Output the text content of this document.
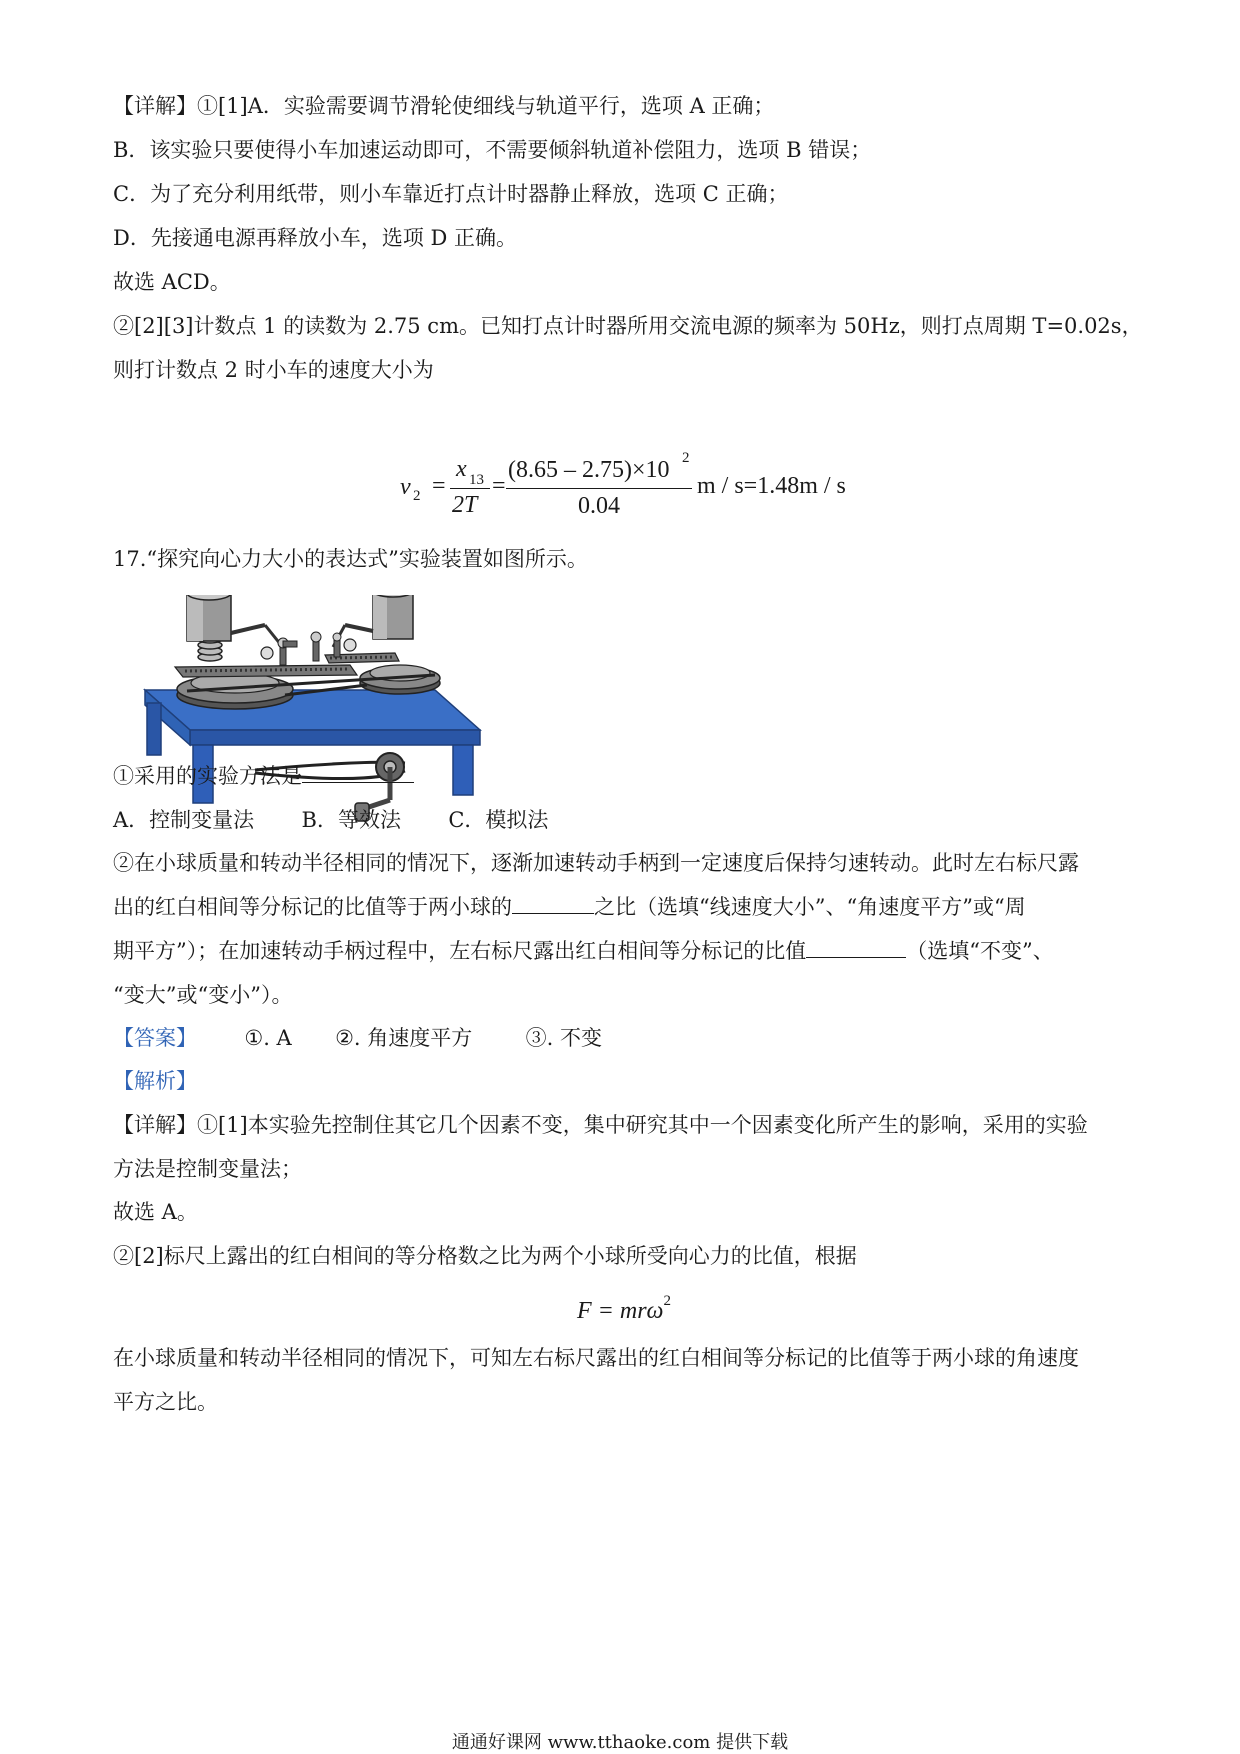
【详解】①[1]A．实验需要调节滑轮使细线与轨道平行，选项 A 正确；
B．该实验只要使得小车加速运动即可，不需要倾斜轨道补偿阻力，选项 B 错误；
C．为了充分利用纸带，则小车靠近打点计时器静止释放，选项 C 正确；
D．先接通电源再释放小车，选项 D 正确。
故选 ACD。
②[2][3]计数点 1 的读数为 2.75 cm。已知打点计时器所用交流电源的频率为 50Hz，则打点周期 T=0.02s，
则打计数点 2 时小车的速度大小为
v 2 =
x 13
2T
=
(8.65 – 2.75)×10 2
0.04
m / s=1.48m / s
17.“探究向心力大小的表达式”实验装置如图所示。
①采用的实验方法是
A．控制变量法 B．等效法 C．模拟法
②在小球质量和转动半径相同的情况下，逐渐加速转动手柄到一定速度后保持匀速转动。此时左右标尺露
出的红白相间等分标记的比值等于两小球的	之比（选填“线速度大小”、“角速度平方”或“周
期平方”）；在加速转动手柄过程中，左右标尺露出红白相间等分标记的比值	（选填“不变”、
“变大”或“变小”）。
【答案】 ①. A ②. 角速度平方	③. 不变
【解析】
【详解】①[1]本实验先控制住其它几个因素不变，集中研究其中一个因素变化所产生的影响，采用的实验
方法是控制变量法；
故选 A。
②[2]标尺上露出的红白相间的等分格数之比为两个小球所受向心力的比值，根据
F = mrω$^2$
在小球质量和转动半径相同的情况下，可知左右标尺露出的红白相间等分标记的比值等于两小球的角速度
平方之比。
通通好课网 www.tthaoke.com 提供下载
